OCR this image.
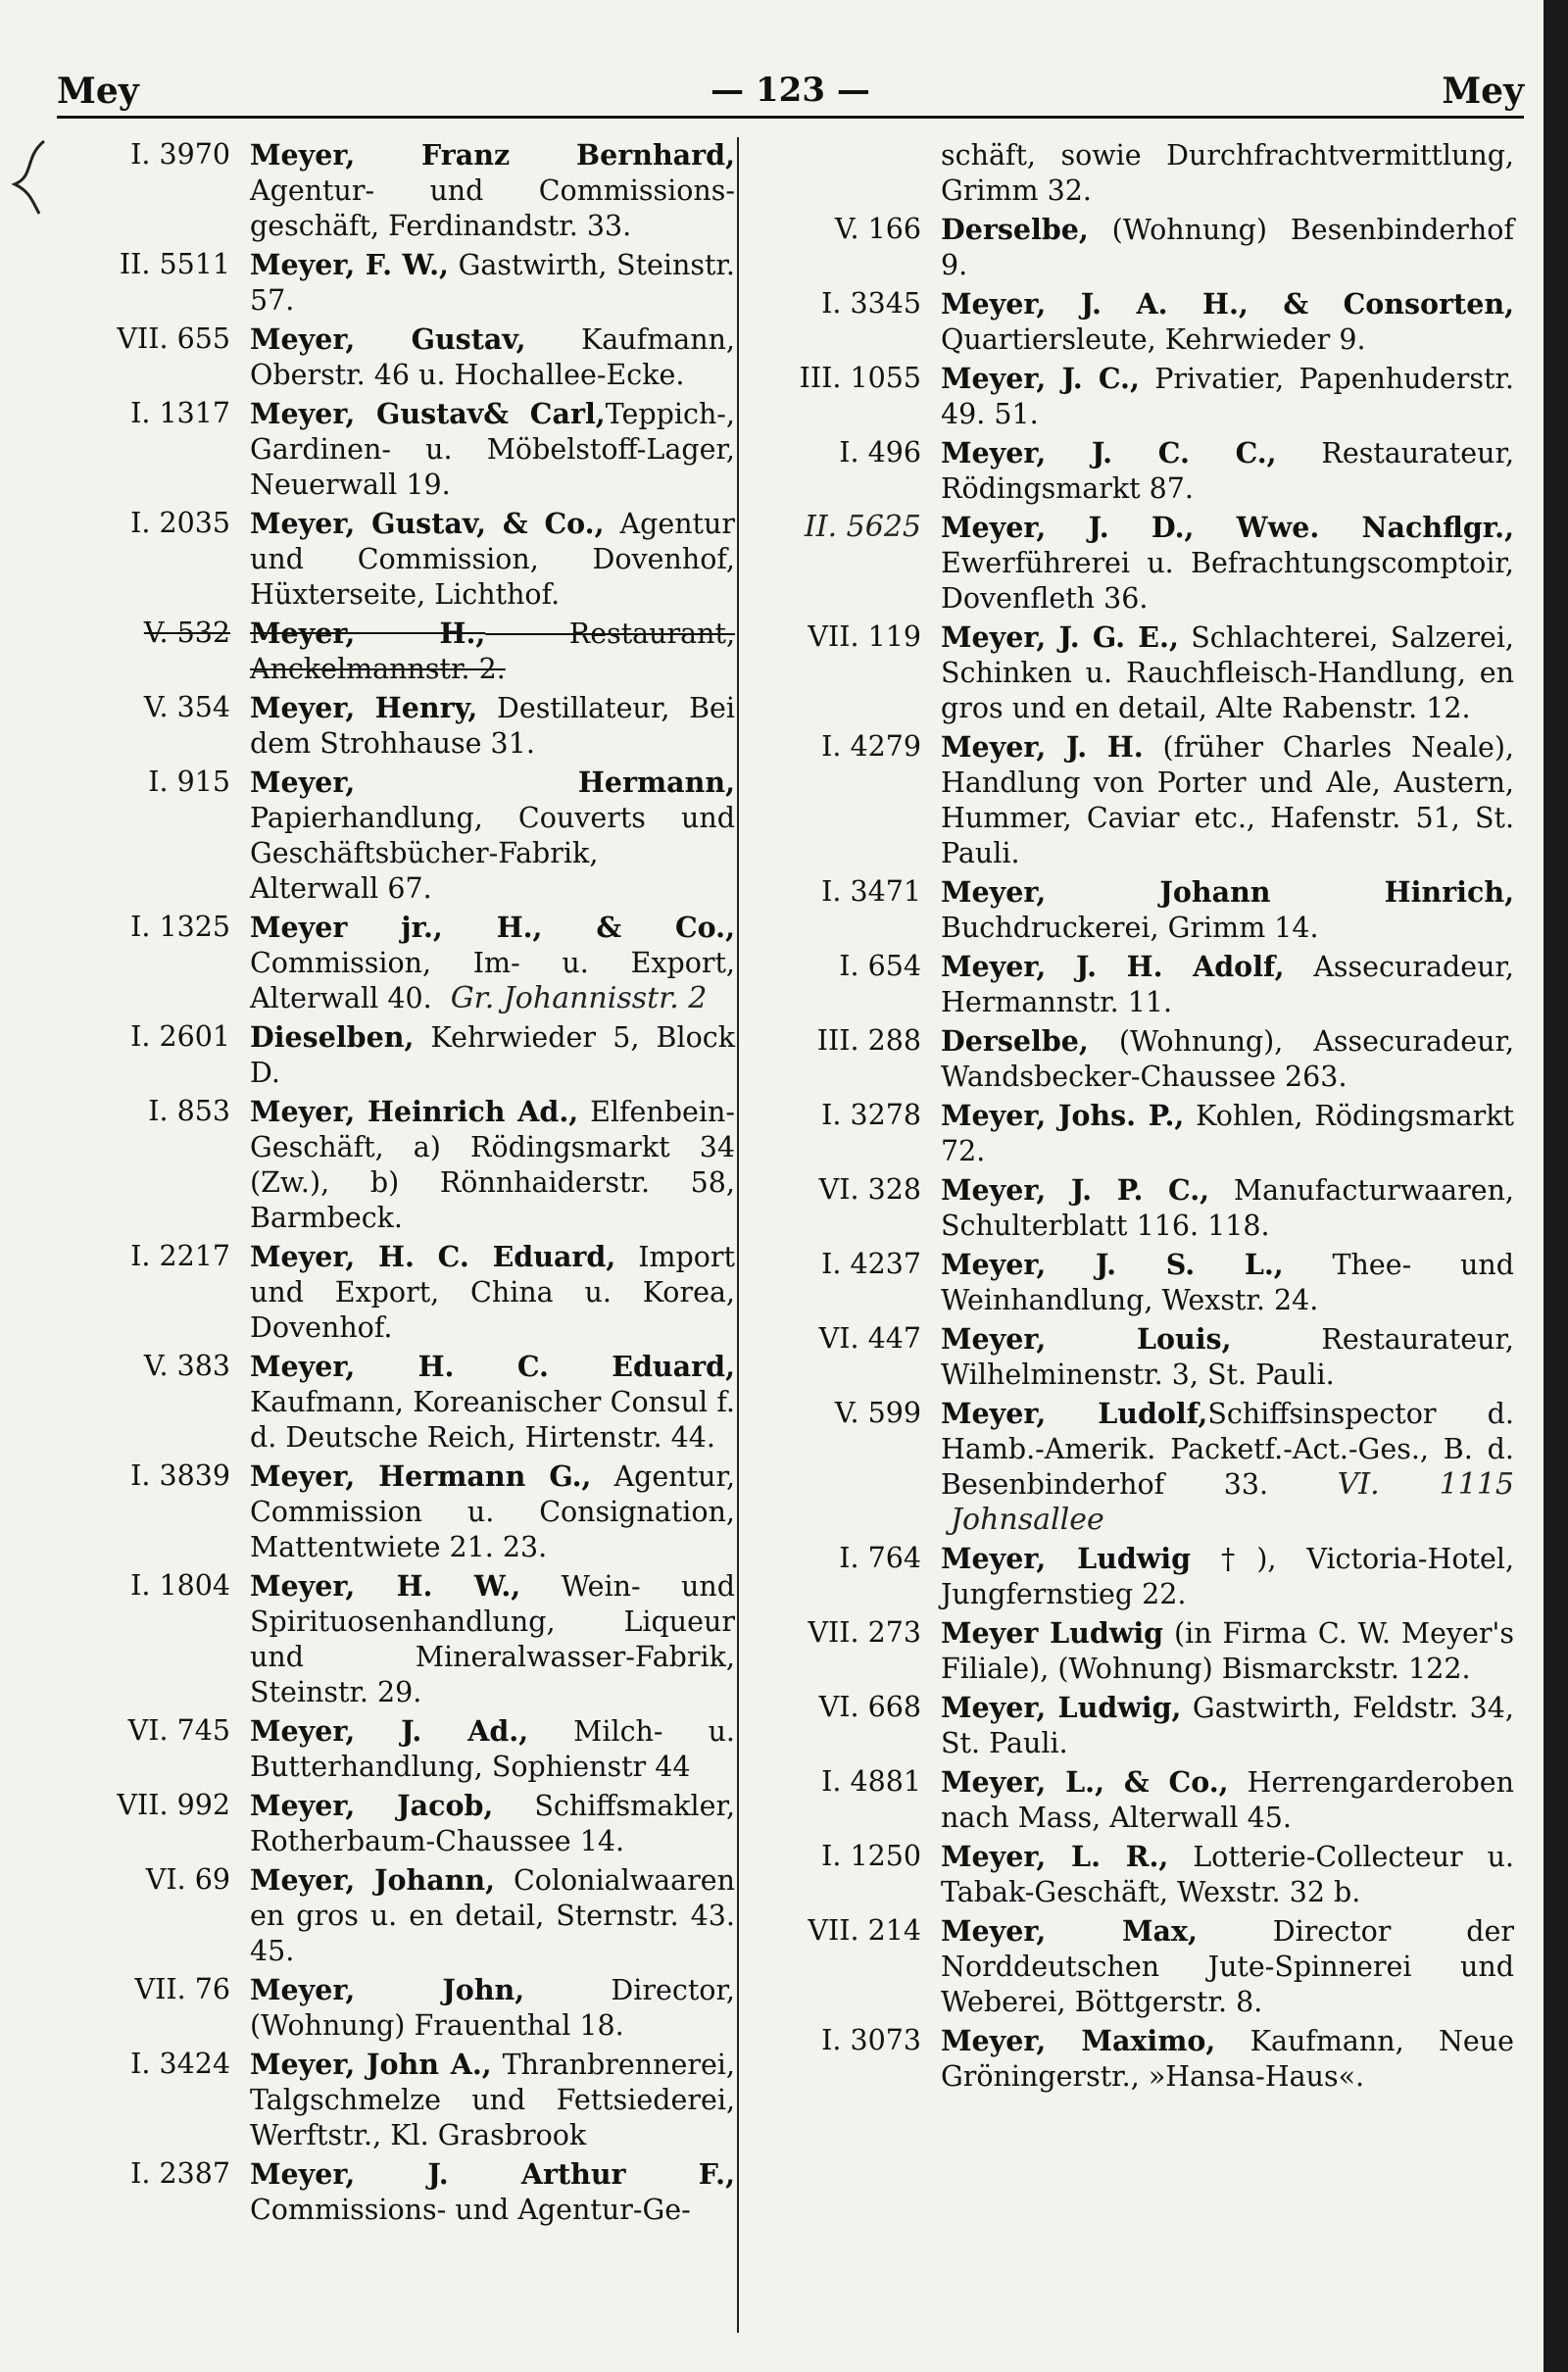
Mey	— 123 —	Mey
I. 3970 Meyer, Franz Bernhard, Agentur- und Commissions-geschäft, Ferdinandstr. 33.
II. 5511 Meyer, F. W., Gastwirth, Steinstr. 57.
VII. 655 Meyer, Gustav, Kaufmann, Oberstr. 46 u. Hochallee-Ecke.
I. 1317 Meyer, Gustav& Carl,Teppich-, Gardinen- u. Möbelstoff-Lager, Neuerwall 19.
I. 2035 Meyer, Gustav, & Co., Agentur und Commission, Dovenhof, Hüxterseite, Lichthof.
V. 532 Meyer, H., Restaurant, Anckelmannstr. 2.
V. 354 Meyer, Henry, Destillateur, Bei dem Strohhause 31.
I. 915 Meyer, Hermann, Papierhandlung, Couverts und Geschäftsbücher-Fabrik, Alterwall 67.
I. 1325 Meyer jr., H., & Co., Commission, Im- u. Export, Alterwall 40. Gr. Johannisstr. 2
I. 2601 Dieselben, Kehrwieder 5, Block D.
I. 853 Meyer, Heinrich Ad., Elfenbein-Geschäft, a) Rödingsmarkt 34 (Zw.), b) Rönnhaiderstr. 58, Barmbeck.
I. 2217 Meyer, H. C. Eduard, Import und Export, China u. Korea, Dovenhof.
V. 383 Meyer, H. C. Eduard, Kaufmann, Koreanischer Consul f. d. Deutsche Reich, Hirtenstr. 44.
I. 3839 Meyer, Hermann G., Agentur, Commission u. Consignation, Mattentwiete 21. 23.
I. 1804 Meyer, H. W., Wein- und Spirituosenhandlung, Liqueur und Mineralwasser-Fabrik, Steinstr. 29.
VI. 745 Meyer, J. Ad., Milch- u. Butterhandlung, Sophienstr 44
VII. 992 Meyer, Jacob, Schiffsmakler, Rotherbaum-Chaussee 14.
VI. 69 Meyer, Johann, Colonialwaaren en gros u. en detail, Sternstr. 43. 45.
VII. 76 Meyer, John, Director, (Wohnung) Frauenthal 18.
I. 3424 Meyer, John A., Thranbrennerei, Talgschmelze und Fettsiederei, Werftstr., Kl. Grasbrook
I. 2387 Meyer, J. Arthur F., Commissions- und Agentur-Ge-
schäft, sowie Durchfrachtvermittlung, Grimm 32.
V. 166 Derselbe, (Wohnung) Besenbinderhof 9.
I. 3345 Meyer, J. A. H., & Consorten, Quartiersleute, Kehrwieder 9.
III. 1055 Meyer, J. C., Privatier, Papenhuderstr. 49. 51.
I. 496 Meyer, J. C. C., Restaurateur, Rödingsmarkt 87.
II. 5625 Meyer, J. D., Wwe. Nachflgr., Ewerführerei u. Befrachtungscomptoir, Dovenfleth 36.
VII. 119 Meyer, J. G. E., Schlachterei, Salzerei, Schinken u. Rauchfleisch-Handlung, en gros und en detail, Alte Rabenstr. 12.
I. 4279 Meyer, J. H. (früher Charles Neale), Handlung von Porter und Ale, Austern, Hummer, Caviar etc., Hafenstr. 51, St. Pauli.
I. 3471 Meyer, Johann Hinrich, Buchdruckerei, Grimm 14.
I. 654 Meyer, J. H. Adolf, Assecuradeur, Hermannstr. 11.
III. 288 Derselbe, (Wohnung), Assecuradeur, Wandsbecker-Chaussee 263.
I. 3278 Meyer, Johs. P., Kohlen, Rödingsmarkt 72.
VI. 328 Meyer, J. P. C., Manufacturwaaren, Schulterblatt 116. 118.
I. 4237 Meyer, J. S. L., Thee- und Weinhandlung, Wexstr. 24.
VI. 447 Meyer, Louis, Restaurateur, Wilhelminenstr. 3, St. Pauli.
V. 599 Meyer, Ludolf,Schiffsinspector d. Hamb.-Amerik. Packetf.-Act.-Ges., B. d. Besenbinderhof 33. VI. 1115 Johnsallee
I. 764 Meyer, Ludwig †), Victoria-Hotel, Jungfernstieg 22.
VII. 273 Meyer Ludwig (in Firma C. W. Meyer's Filiale), (Wohnung) Bismarckstr. 122.
VI. 668 Meyer, Ludwig, Gastwirth, Feldstr. 34, St. Pauli.
I. 4881 Meyer, L., & Co., Herrengarderoben nach Mass, Alterwall 45.
I. 1250 Meyer, L. R., Lotterie-Collecteur u. Tabak-Geschäft, Wexstr. 32 b.
VII. 214 Meyer, Max, Director der Norddeutschen Jute-Spinnerei und Weberei, Böttgerstr. 8.
I. 3073 Meyer, Maximo, Kaufmann, Neue Gröningerstr., »Hansa-Haus«.
